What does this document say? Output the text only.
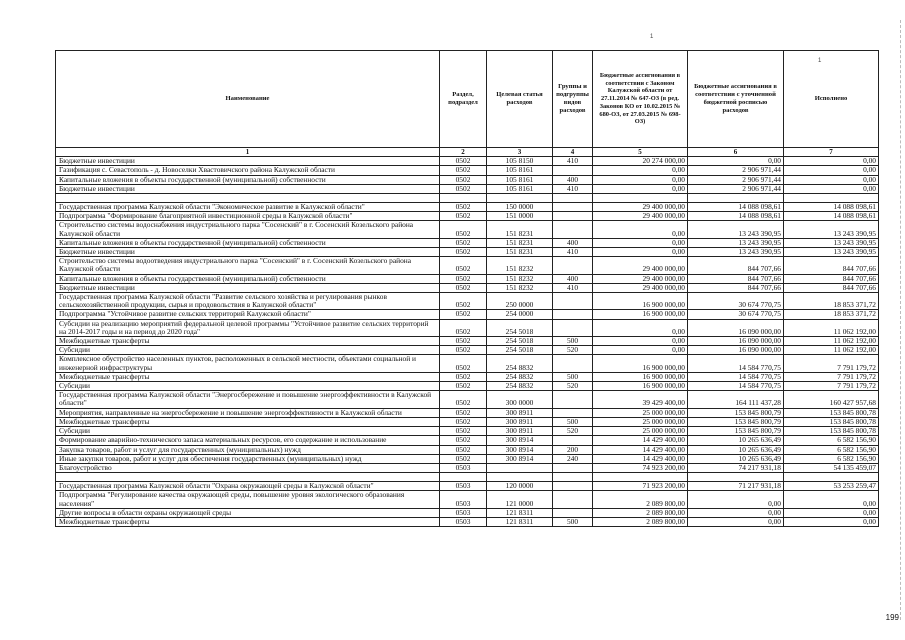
1
1
Наименование	Раздел, подраздел	Целевая статья расходов	Группы и подгруппы видов расходов	Бюджетные ассигнования в соответствии с Законом Калужской области от 27.11.2014 № 647-ОЗ (в ред. Законов КО от 10.02.2015 № 680-ОЗ, от 27.03.2015 № 698-ОЗ)	Бюджетные ассигнования в соответствии с уточненной бюджетной росписью расходов	Исполнено
1	2	3	4	5	6	7
Бюджетные инвестиции	0502	105 8150	410	20 274 000,00	0,00	0,00
Газификация с. Севастополь - д. Новоселки Хвастовичского района Калужской области	0502	105 8161		0,00	2 906 971,44	0,00
Капитальные вложения в объекты государственной (муниципальной) собственности	0502	105 8161	400	0,00	2 906 971,44	0,00
Бюджетные инвестиции	0502	105 8161	410	0,00	2 906 971,44	0,00

Государственная программа Калужской области "Экономическое развитие в Калужской области"	0502	150 0000		29 400 000,00	14 088 098,61	14 088 098,61
Подпрограмма "Формирование благоприятной инвестиционной среды в Калужской области"	0502	151 0000		29 400 000,00	14 088 098,61	14 088 098,61
Строительство системы водоснабжения индустриального парка "Сосенский" в г. Сосенский Козельского района Калужской области	0502	151 8231		0,00	13 243 390,95	13 243 390,95
Капитальные вложения в объекты государственной (муниципальной) собственности	0502	151 8231	400	0,00	13 243 390,95	13 243 390,95
Бюджетные инвестиции	0502	151 8231	410	0,00	13 243 390,95	13 243 390,95
Строительство системы водоотведения индустриального парка "Сосенский" в г. Сосенский Козельского района Калужской области	0502	151 8232		29 400 000,00	844 707,66	844 707,66
Капитальные вложения в объекты государственной (муниципальной) собственности	0502	151 8232	400	29 400 000,00	844 707,66	844 707,66
Бюджетные инвестиции	0502	151 8232	410	29 400 000,00	844 707,66	844 707,66
Государственная программа Калужской области "Развитие сельского хозяйства и регулирования рынков сельскохозяйственной продукции, сырья и продовольствия в Калужской области"	0502	250 0000		16 900 000,00	30 674 770,75	18 853 371,72
Подпрограмма "Устойчивое развитие сельских территорий Калужской области"	0502	254 0000		16 900 000,00	30 674 770,75	18 853 371,72
Субсидии на реализацию мероприятий федеральной целевой программы "Устойчивое развитие сельских территорий на 2014-2017 годы и на период до 2020 года"	0502	254 5018		0,00	16 090 000,00	11 062 192,00
Межбюджетные трансферты	0502	254 5018	500	0,00	16 090 000,00	11 062 192,00
Субсидии	0502	254 5018	520	0,00	16 090 000,00	11 062 192,00
Комплексное обустройство населенных пунктов, расположенных в сельской местности, объектами социальной и инженерной инфраструктуры	0502	254 8832		16 900 000,00	14 584 770,75	7 791 179,72
Межбюджетные трансферты	0502	254 8832	500	16 900 000,00	14 584 770,75	7 791 179,72
Субсидии	0502	254 8832	520	16 900 000,00	14 584 770,75	7 791 179,72
Государственная программа Калужской области "Энергосбережение и повышение энергоэффективности в Калужской области"	0502	300 0000		39 429 400,00	164 111 437,28	160 427 957,68
Мероприятия, направленные на энергосбережение и повышение энергоэффективности в Калужской области	0502	300 8911		25 000 000,00	153 845 800,79	153 845 800,78
Межбюджетные трансферты	0502	300 8911	500	25 000 000,00	153 845 800,79	153 845 800,78
Субсидии	0502	300 8911	520	25 000 000,00	153 845 800,79	153 845 800,78
Формирование аварийно-технического запаса материальных ресурсов, его содержание и использование	0502	300 8914		14 429 400,00	10 265 636,49	6 582 156,90
Закупка товаров, работ и услуг для государственных (муниципальных) нужд	0502	300 8914	200	14 429 400,00	10 265 636,49	6 582 156,90
Иные закупки товаров, работ и услуг для обеспечения государственных (муниципальных) нужд	0502	300 8914	240	14 429 400,00	10 265 636,49	6 582 156,90
Благоустройство	0503			74 923 200,00	74 217 931,18	54 135 459,07

Государственная программа Калужской области "Охрана окружающей среды в Калужской области"	0503	120 0000		71 923 200,00	71 217 931,18	53 253 259,47
Подпрограмма "Регулирование качества окружающей среды, повышение уровня экологического образования населения"	0503	121 0000		2 089 800,00	0,00	0,00
Другие вопросы в области охраны окружающей среды	0503	121 8311		2 089 800,00	0,00	0,00
Межбюджетные трансферты	0503	121 8311	500	2 089 800,00	0,00	0,00
199
